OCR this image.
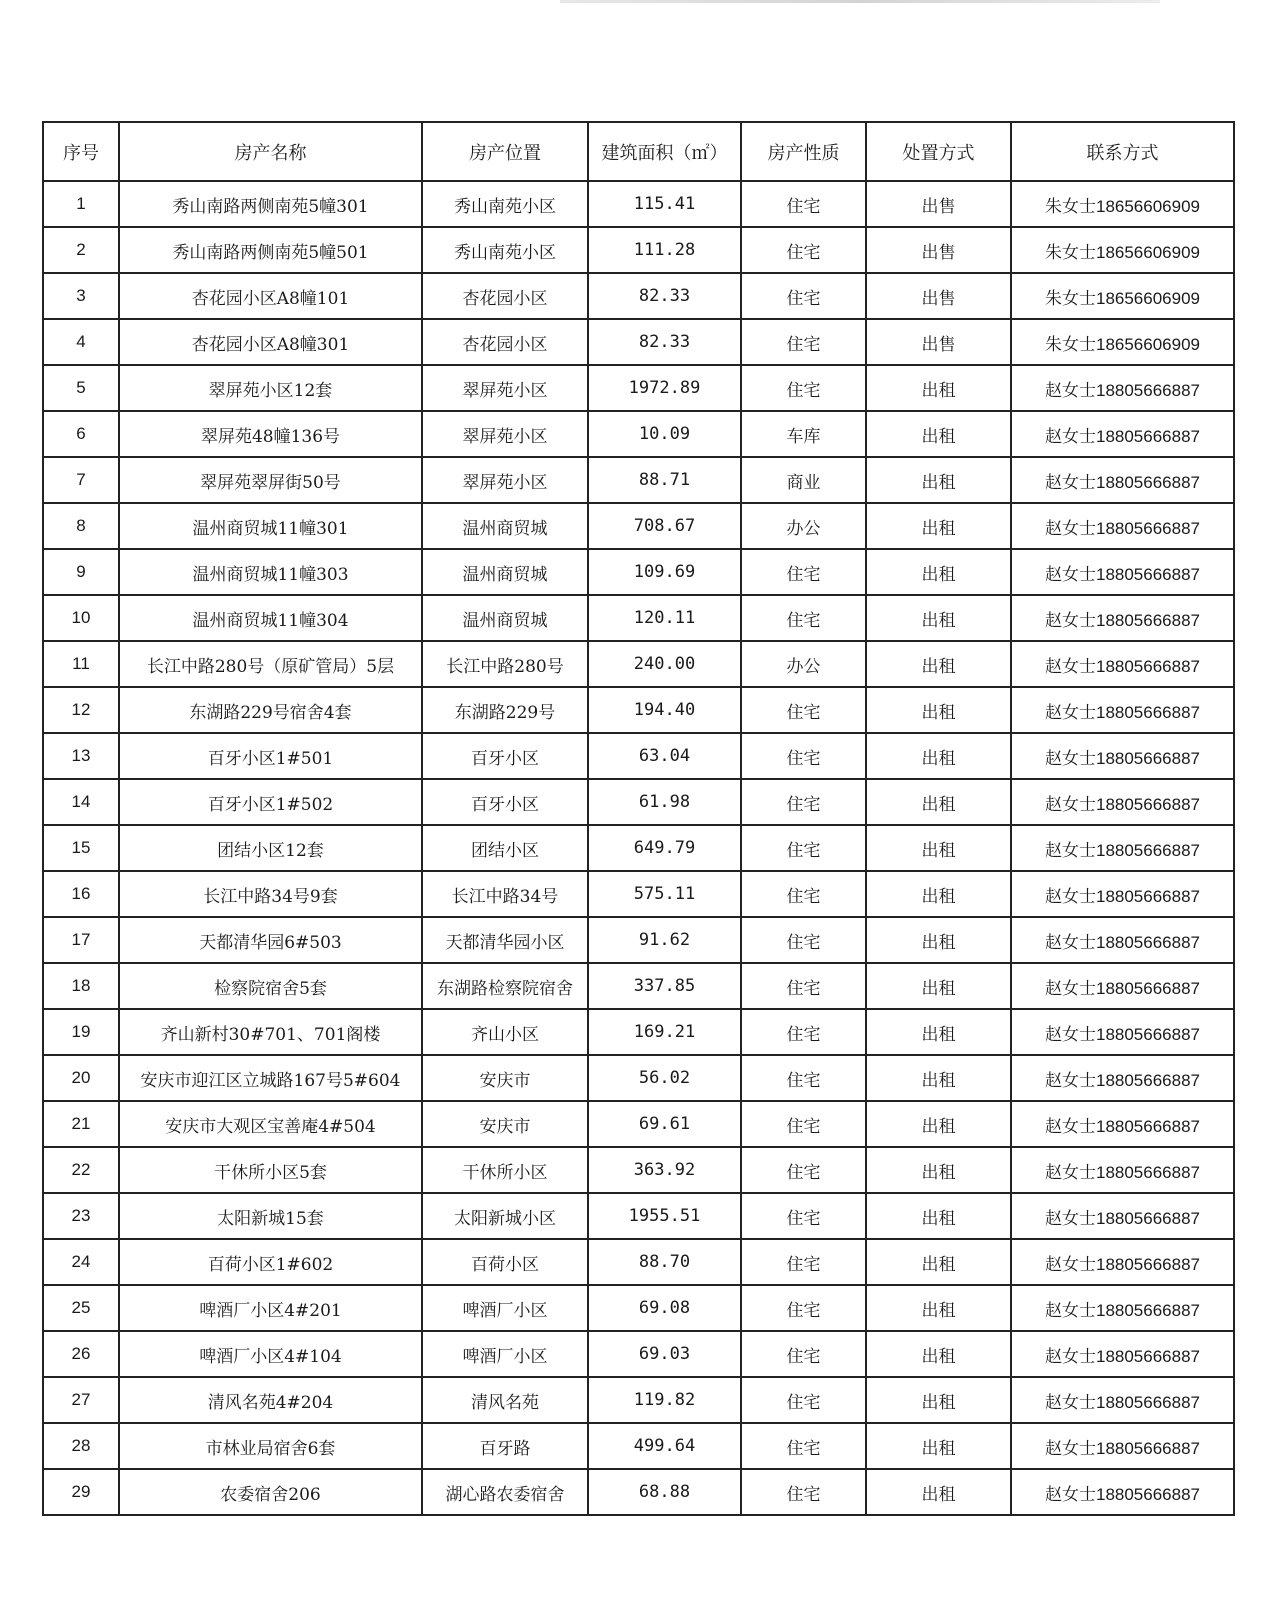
序号	房产名称	房产位置	建筑面积（㎡）	房产性质	处置方式	联系方式
1	秀山南路两侧南苑5幢301	秀山南苑小区	115.41	住宅	出售	朱女士18656606909
2	秀山南路两侧南苑5幢501	秀山南苑小区	111.28	住宅	出售	朱女士18656606909
3	杏花园小区A8幢101	杏花园小区	82.33	住宅	出售	朱女士18656606909
4	杏花园小区A8幢301	杏花园小区	82.33	住宅	出售	朱女士18656606909
5	翠屏苑小区12套	翠屏苑小区	1972.89	住宅	出租	赵女士18805666887
6	翠屏苑48幢136号	翠屏苑小区	10.09	车库	出租	赵女士18805666887
7	翠屏苑翠屏街50号	翠屏苑小区	88.71	商业	出租	赵女士18805666887
8	温州商贸城11幢301	温州商贸城	708.67	办公	出租	赵女士18805666887
9	温州商贸城11幢303	温州商贸城	109.69	住宅	出租	赵女士18805666887
10	温州商贸城11幢304	温州商贸城	120.11	住宅	出租	赵女士18805666887
11	长江中路280号（原矿管局）5层	长江中路280号	240.00	办公	出租	赵女士18805666887
12	东湖路229号宿舍4套	东湖路229号	194.40	住宅	出租	赵女士18805666887
13	百牙小区1#501	百牙小区	63.04	住宅	出租	赵女士18805666887
14	百牙小区1#502	百牙小区	61.98	住宅	出租	赵女士18805666887
15	团结小区12套	团结小区	649.79	住宅	出租	赵女士18805666887
16	长江中路34号9套	长江中路34号	575.11	住宅	出租	赵女士18805666887
17	天都清华园6#503	天都清华园小区	91.62	住宅	出租	赵女士18805666887
18	检察院宿舍5套	东湖路检察院宿舍	337.85	住宅	出租	赵女士18805666887
19	齐山新村30#701、701阁楼	齐山小区	169.21	住宅	出租	赵女士18805666887
20	安庆市迎江区立城路167号5#604	安庆市	56.02	住宅	出租	赵女士18805666887
21	安庆市大观区宝善庵4#504	安庆市	69.61	住宅	出租	赵女士18805666887
22	干休所小区5套	干休所小区	363.92	住宅	出租	赵女士18805666887
23	太阳新城15套	太阳新城小区	1955.51	住宅	出租	赵女士18805666887
24	百荷小区1#602	百荷小区	88.70	住宅	出租	赵女士18805666887
25	啤酒厂小区4#201	啤酒厂小区	69.08	住宅	出租	赵女士18805666887
26	啤酒厂小区4#104	啤酒厂小区	69.03	住宅	出租	赵女士18805666887
27	清风名苑4#204	清风名苑	119.82	住宅	出租	赵女士18805666887
28	市林业局宿舍6套	百牙路	499.64	住宅	出租	赵女士18805666887
29	农委宿舍206	湖心路农委宿舍	68.88	住宅	出租	赵女士18805666887
